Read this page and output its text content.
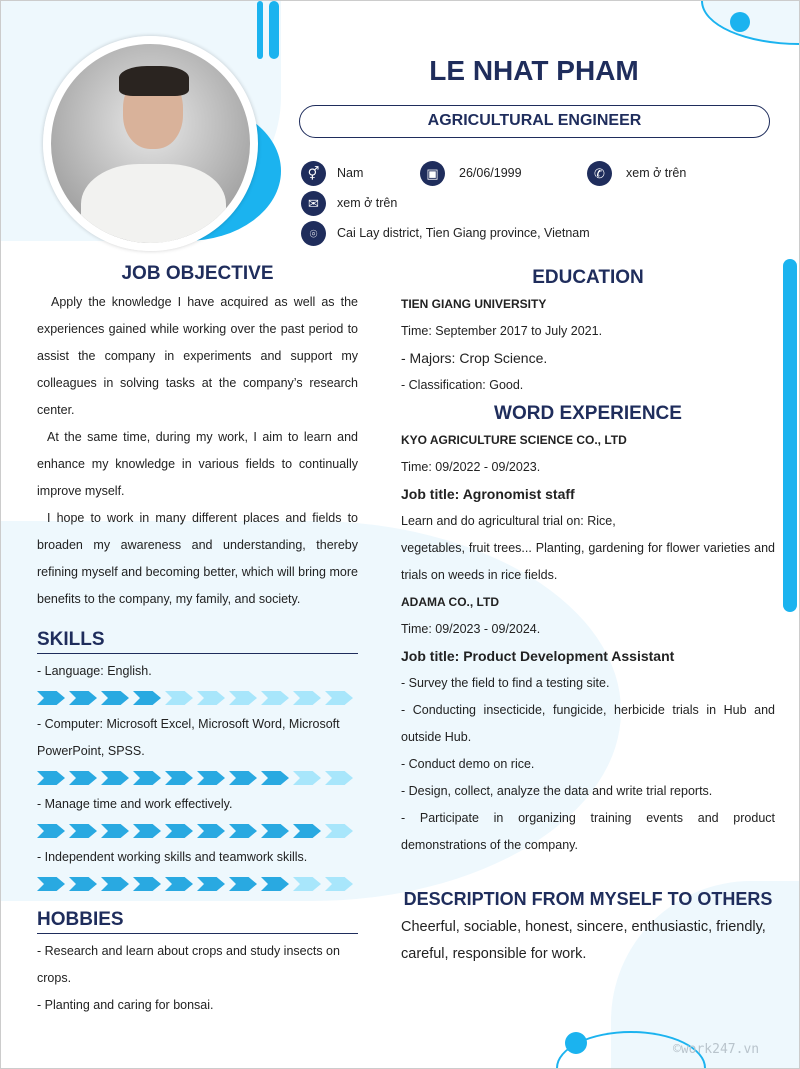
LE NHAT PHAM
AGRICULTURAL ENGINEER
⚥	Nam	▣	26/06/1999	✆	xem ở trên
✉	xem ở trên
⌾	Cai Lay district, Tien Giang province, Vietnam
JOB OBJECTIVE

Apply the knowledge I have acquired as well as the experiences gained while working over the past period to assist the company in experiments and support my colleagues in solving tasks at the company’s research center.

At the same time, during my work, I aim to learn and enhance my knowledge in various fields to continually improve myself.

I hope to work in many different places and fields to broaden my awareness and understanding, thereby refining myself and becoming better, which will bring more benefits to the company, my family, and society.

SKILLS

- Language: English.

- Computer: Microsoft Excel, Microsoft Word, Microsoft PowerPoint, SPSS.

- Manage time and work effectively.

- Independent working skills and teamwork skills.

HOBBIES

- Research and learn about crops and study insects on crops.

- Planting and caring for bonsai.

EDUCATION

TIEN GIANG UNIVERSITY

Time: September 2017 to July 2021.

- Majors: Crop Science.

- Classification: Good.

WORD EXPERIENCE

KYO AGRICULTURE SCIENCE CO., LTD

Time: 09/2022 - 09/2023.

Job title: Agronomist staff

Learn and do agricultural trial on: Rice,

vegetables, fruit trees... Planting, gardening for flower varieties and trials on weeds in rice fields.

ADAMA CO., LTD

Time: 09/2023 - 09/2024.

Job title: Product Development Assistant

- Survey the field to find a testing site.

- Conducting insecticide, fungicide, herbicide trials in Hub and outside Hub.

- Conduct demo on rice.

- Design, collect, analyze the data and write trial reports.

- Participate in organizing training events and product demonstrations of the company.

DESCRIPTION FROM MYSELF TO OTHERS

Cheerful, sociable, honest, sincere, enthusiastic, friendly, careful, responsible for work.

©work247.vn
